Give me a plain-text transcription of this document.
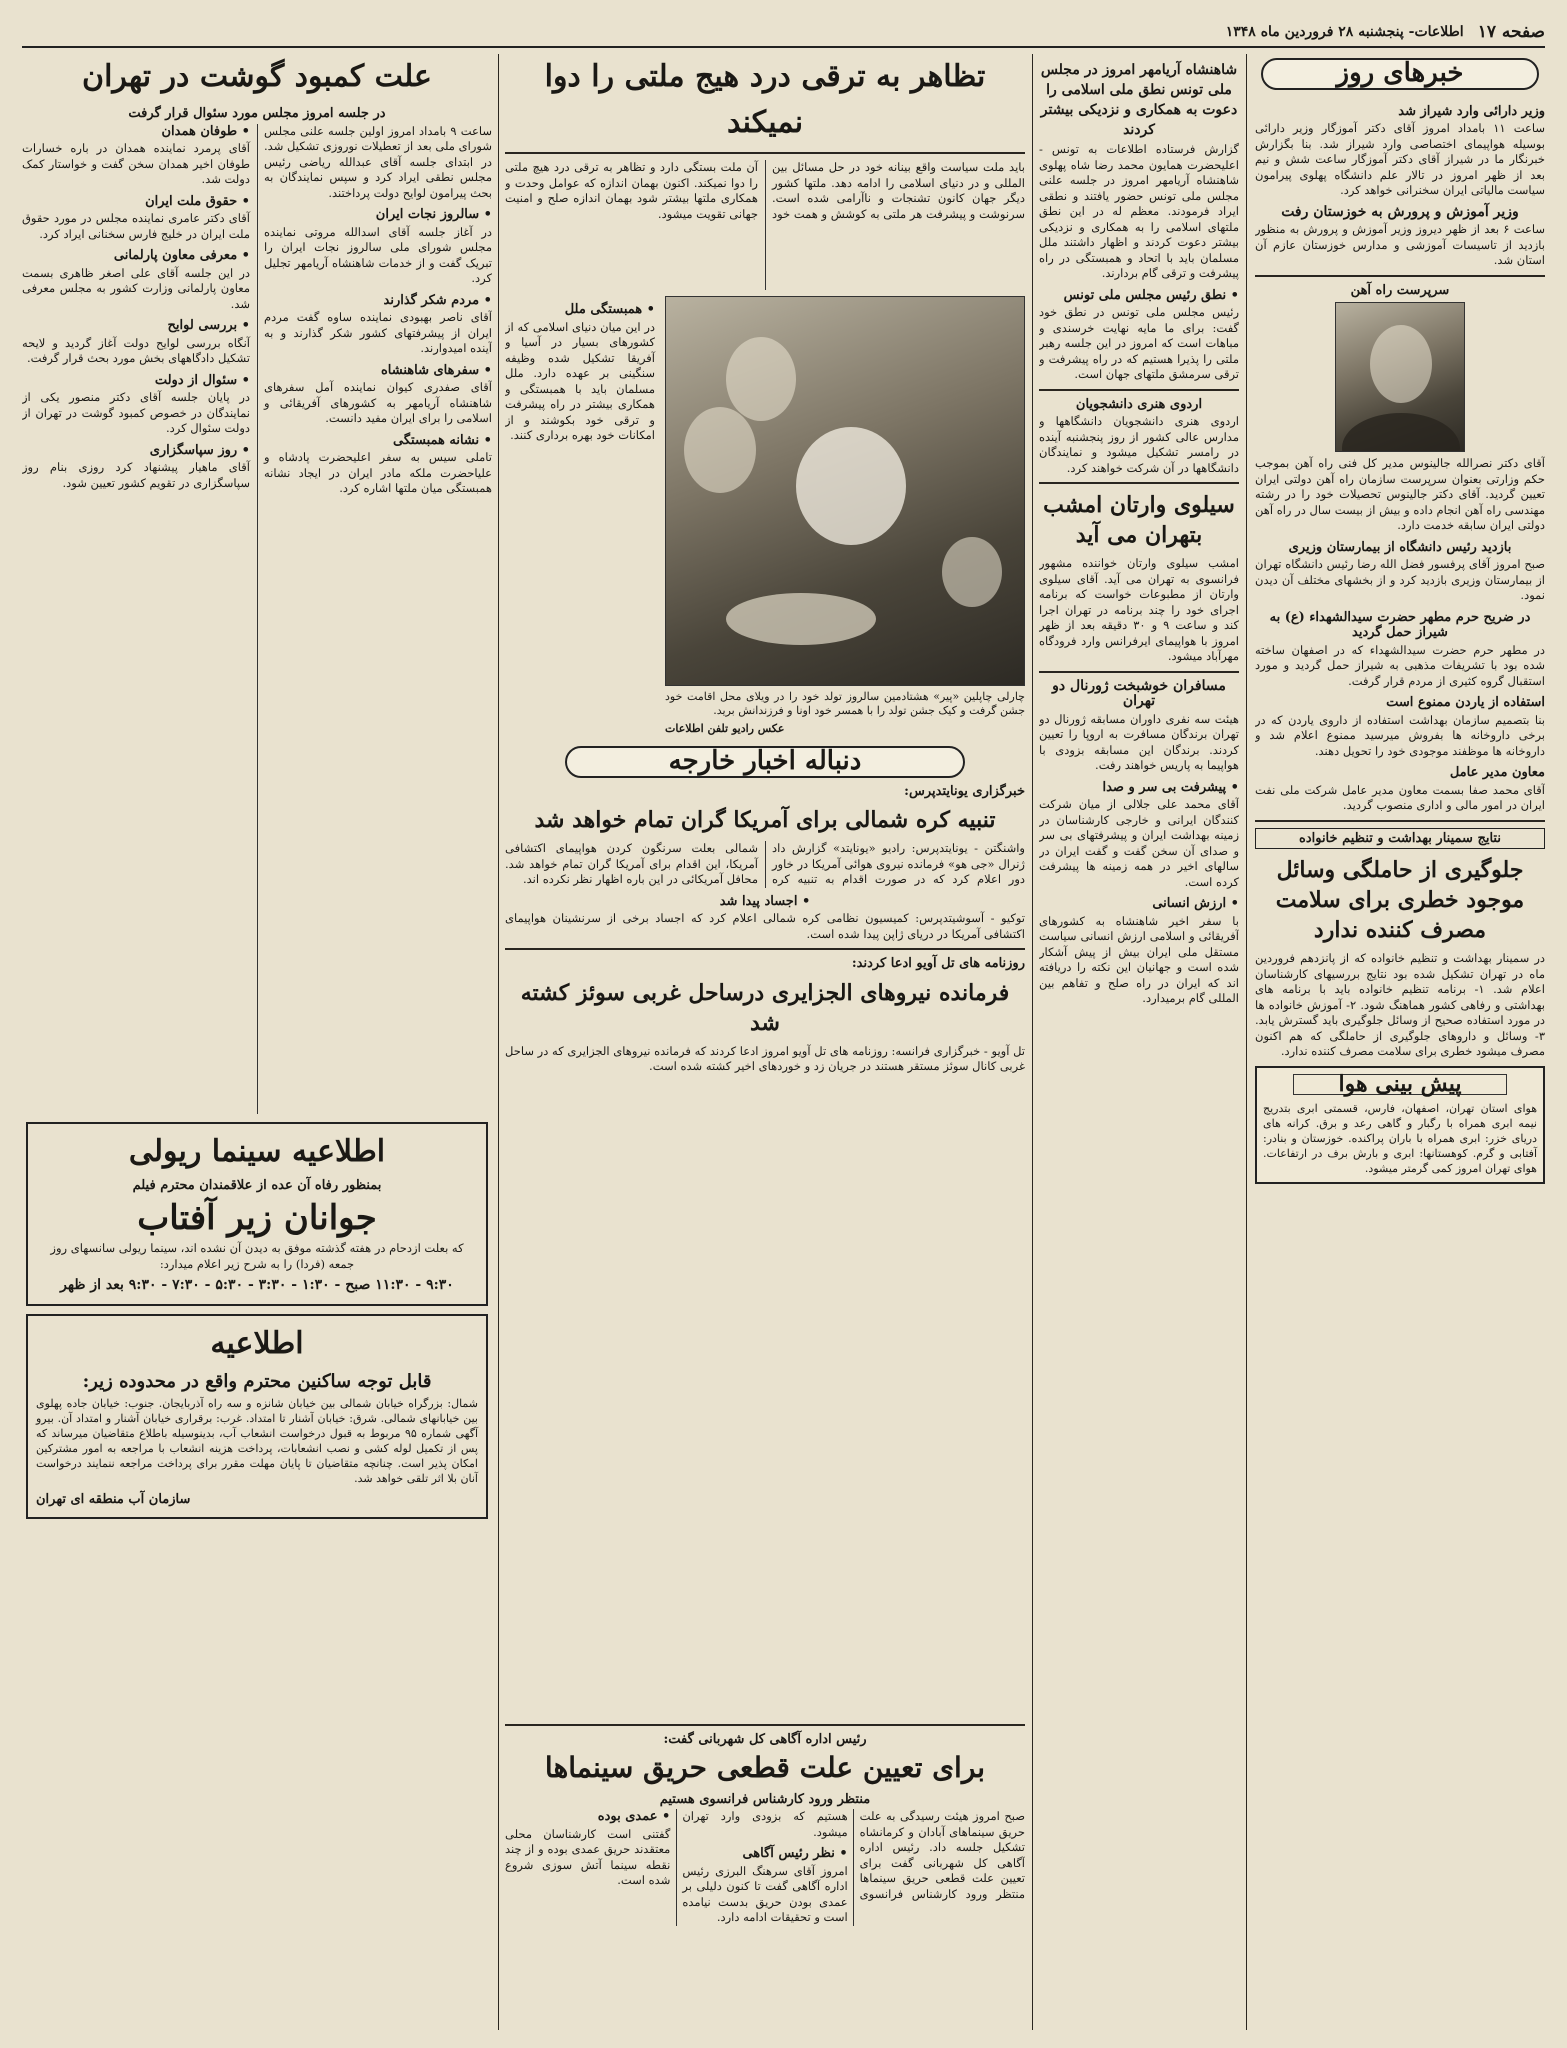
صفحه ۱۷
اطلاعات- پنجشنبه ۲۸ فروردین ماه ۱۳۴۸
خبرهای روز
وزیر دارائی وارد شیراز شد
ساعت ۱۱ بامداد امروز آقای دکتر آموزگار وزیر دارائی بوسیله هواپیمای اختصاصی وارد شیراز شد. بنا بگزارش خبرنگار ما در شیراز آقای دکتر آموزگار ساعت شش و نیم بعد از ظهر امروز در تالار علم دانشگاه پهلوی پیرامون سیاست مالیاتی ایران سخنرانی خواهد کرد.
وزیر آموزش و پرورش به خوزستان رفت
ساعت ۶ بعد از ظهر دیروز وزیر آموزش و پرورش به منظور بازدید از تاسیسات آموزشی و مدارس خوزستان عازم آن استان شد.
سرپرست راه آهن
آقای دکتر نصرالله جالینوس مدیر کل فنی راه آهن بموجب حکم وزارتی بعنوان سرپرست سازمان راه آهن دولتی ایران تعیین گردید. آقای دکتر جالینوس تحصیلات خود را در رشته مهندسی راه آهن انجام داده و بیش از بیست سال در راه آهن دولتی ایران سابقه خدمت دارد.
بازدید رئیس دانشگاه از بیمارستان وزیری
صبح امروز آقای پرفسور فضل الله رضا رئیس دانشگاه تهران از بیمارستان وزیری بازدید کرد و از بخشهای مختلف آن دیدن نمود.
در ضریح حرم مطهر حضرت سیدالشهداء (ع) به شیراز حمل گردید
در مطهر حرم حضرت سیدالشهداء که در اصفهان ساخته شده بود با تشریفات مذهبی به شیراز حمل گردید و مورد استقبال گروه کثیری از مردم قرار گرفت.
استفاده از یاردن ممنوع است
بنا بتصمیم سازمان بهداشت استفاده از داروی یاردن که در برخی داروخانه ها بفروش میرسید ممنوع اعلام شد و داروخانه ها موظفند موجودی خود را تحویل دهند.
معاون مدیر عامل
آقای محمد صفا بسمت معاون مدیر عامل شرکت ملی نفت ایران در امور مالی و اداری منصوب گردید.
نتایج سمینار بهداشت و تنظیم خانواده
جلوگیری از حاملگی وسائل موجود خطری برای سلامت مصرف کننده ندارد
در سمینار بهداشت و تنظیم خانواده که از پانزدهم فروردین ماه در تهران تشکیل شده بود نتایج بررسیهای کارشناسان اعلام شد. ۱- برنامه تنظیم خانواده باید با برنامه های بهداشتی و رفاهی کشور هماهنگ شود. ۲- آموزش خانواده ها در مورد استفاده صحیح از وسائل جلوگیری باید گسترش یابد. ۳- وسائل و داروهای جلوگیری از حاملگی که هم اکنون مصرف میشود خطری برای سلامت مصرف کننده ندارد.
پیش بینی هوا
هوای استان تهران، اصفهان، فارس، قسمتی ابری بتدریج نیمه ابری همراه با رگبار و گاهی رعد و برق. کرانه های دریای خزر: ابری همراه با باران پراکنده. خوزستان و بنادر: آفتابی و گرم. کوهستانها: ابری و بارش برف در ارتفاعات. هوای تهران امروز کمی گرمتر میشود.
شاهنشاه آریامهر امروز در مجلس ملی تونس نطق ملی اسلامی را دعوت به همکاری و نزدیکی بیشتر کردند
گزارش فرستاده اطلاعات به تونس - اعلیحضرت همایون محمد رضا شاه پهلوی شاهنشاه آریامهر امروز در جلسه علنی مجلس ملی تونس حضور یافتند و نطقی ایراد فرمودند. معظم له در این نطق ملتهای اسلامی را به همکاری و نزدیکی بیشتر دعوت کردند و اظهار داشتند ملل مسلمان باید با اتحاد و همبستگی در راه پیشرفت و ترقی گام بردارند.
• نطق رئیس مجلس ملی تونس
رئیس مجلس ملی تونس در نطق خود گفت: برای ما مایه نهایت خرسندی و مباهات است که امروز در این جلسه رهبر ملتی را پذیرا هستیم که در راه پیشرفت و ترقی سرمشق ملتهای جهان است.
اردوی هنری دانشجویان
اردوی هنری دانشجویان دانشگاهها و مدارس عالی کشور از روز پنجشنبه آینده در رامسر تشکیل میشود و نمایندگان دانشگاهها در آن شرکت خواهند کرد.
سیلوی وارتان امشب بتهران می آید
امشب سیلوی وارتان خواننده مشهور فرانسوی به تهران می آید. آقای سیلوی وارتان از مطبوعات خواست که برنامه اجرای خود را چند برنامه در تهران اجرا کند و ساعت ۹ و ۳۰ دقیقه بعد از ظهر امروز با هواپیمای ایرفرانس وارد فرودگاه مهرآباد میشود.
مسافران خوشبخت ژورنال دو تهران
هیئت سه نفری داوران مسابقه ژورنال دو تهران برندگان مسافرت به اروپا را تعیین کردند. برندگان این مسابقه بزودی با هواپیما به پاریس خواهند رفت.
• پیشرفت بی سر و صدا
آقای محمد علی جلالی از میان شرکت کنندگان ایرانی و خارجی کارشناسان در زمینه بهداشت ایران و پیشرفتهای بی سر و صدای آن سخن گفت و گفت ایران در سالهای اخیر در همه زمینه ها پیشرفت کرده است.
• ارزش انسانی
با سفر اخیر شاهنشاه به کشورهای آفریقائی و اسلامی ارزش انسانی سیاست مستقل ملی ایران بیش از پیش آشکار شده است و جهانیان این نکته را دریافته اند که ایران در راه صلح و تفاهم بین المللی گام برمیدارد.
تظاهر به ترقی درد هیج ملتی را دوا نمیکند
باید ملت سیاست واقع بینانه خود در حل مسائل بین المللی و در دنیای اسلامی را ادامه دهد. ملتها کشور دیگر جهان کانون تشنجات و ناآرامی شده است. سرنوشت و پیشرفت هر ملتی به کوشش و همت خود آن ملت بستگی دارد و تظاهر به ترقی درد هیچ ملتی را دوا نمیکند. اکنون بهمان اندازه که عوامل وحدت و همکاری ملتها بیشتر شود بهمان اندازه صلح و امنیت جهانی تقویت میشود.
چارلی چاپلین «پیر» هشتادمین سالروز تولد خود را در ویلای محل اقامت خود جشن گرفت و کیک جشن تولد را با همسر خود اونا و فرزندانش برید.
عکس رادیو تلفن اطلاعات
• همبستگی ملل
در این میان دنیای اسلامی که از کشورهای بسیار در آسیا و آفریقا تشکیل شده وظیفه سنگینی بر عهده دارد. ملل مسلمان باید با همبستگی و همکاری بیشتر در راه پیشرفت و ترقی خود بکوشند و از امکانات خود بهره برداری کنند.
دنباله اخبار خارجه
خبرگزاری یونایتدپرس:
تنبیه کره شمالی برای آمریکا گران تمام خواهد شد
واشنگتن - یونایتدپرس: رادیو «یونایتد» گزارش داد ژنرال «جی هو» فرمانده نیروی هوائی آمریکا در خاور دور اعلام کرد که در صورت اقدام به تنبیه کره شمالی بعلت سرنگون کردن هواپیمای اکتشافی آمریکا، این اقدام برای آمریکا گران تمام خواهد شد. محافل آمریکائی در این باره اظهار نظر نکرده اند.
• اجساد پیدا شد
توکیو - آسوشیتدپرس: کمیسیون نظامی کره شمالی اعلام کرد که اجساد برخی از سرنشینان هواپیمای اکتشافی آمریکا در دریای ژاپن پیدا شده است.
روزنامه های تل آویو ادعا کردند:
فرمانده نیروهای الجزایری درساحل غربی سوئز کشته شد
تل آویو - خبرگزاری فرانسه: روزنامه های تل آویو امروز ادعا کردند که فرمانده نیروهای الجزایری که در ساحل غربی کانال سوئز مستقر هستند در جریان زد و خوردهای اخیر کشته شده است.
رئیس اداره آگاهی کل شهربانی گفت:
برای تعیین علت قطعی حریق سینماها
منتظر ورود کارشناس فرانسوی هستیم
صبح امروز هیئت رسیدگی به علت حریق سینماهای آبادان و کرمانشاه تشکیل جلسه داد. رئیس اداره آگاهی کل شهربانی گفت برای تعیین علت قطعی حریق سینماها منتظر ورود کارشناس فرانسوی هستیم که بزودی وارد تهران میشود.
• نظر رئیس آگاهی
امروز آقای سرهنگ البرزی رئیس اداره آگاهی گفت تا کنون دلیلی بر عمدی بودن حریق بدست نیامده است و تحقیقات ادامه دارد.
• عمدی بوده
گفتنی است کارشناسان محلی معتقدند حریق عمدی بوده و از چند نقطه سینما آتش سوزی شروع شده است.
علت کمبود گوشت در تهران
در جلسه امروز مجلس مورد سئوال قرار گرفت
ساعت ۹ بامداد امروز اولین جلسه علنی مجلس شورای ملی بعد از تعطیلات نوروزی تشکیل شد. در ابتدای جلسه آقای عبدالله ریاضی رئیس مجلس نطقی ایراد کرد و سپس نمایندگان به بحث پیرامون لوایح دولت پرداختند.
• سالروز نجات ایران
در آغاز جلسه آقای اسدالله مروتی نماینده مجلس شورای ملی سالروز نجات ایران را تبریک گفت و از خدمات شاهنشاه آریامهر تجلیل کرد.
• مردم شکر گذارند
آقای ناصر بهبودی نماینده ساوه گفت مردم ایران از پیشرفتهای کشور شکر گذارند و به آینده امیدوارند.
• سفرهای شاهنشاه
آقای صفدری کیوان نماینده آمل سفرهای شاهنشاه آریامهر به کشورهای آفریقائی و اسلامی را برای ایران مفید دانست.
• نشانه همبستگی
تاملی سیس به سفر اعلیحضرت پادشاه و علیاحضرت ملکه مادر ایران در ایجاد نشانه همبستگی میان ملتها اشاره کرد.
• طوفان همدان
آقای پرمرد نماینده همدان در باره خسارات طوفان اخیر همدان سخن گفت و خواستار کمک دولت شد.
• حقوق ملت ایران
آقای دکتر عامری نماینده مجلس در مورد حقوق ملت ایران در خلیج فارس سخنانی ایراد کرد.
• معرفی معاون پارلمانی
در این جلسه آقای علی اصغر ظاهری بسمت معاون پارلمانی وزارت کشور به مجلس معرفی شد.
• بررسی لوایح
آنگاه بررسی لوایح دولت آغاز گردید و لایحه تشکیل دادگاههای بخش مورد بحث قرار گرفت.
• سئوال از دولت
در پایان جلسه آقای دکتر منصور یکی از نمایندگان در خصوص کمبود گوشت در تهران از دولت سئوال کرد.
• روز سپاسگزاری
آقای ماهیار پیشنهاد کرد روزی بنام روز سپاسگزاری در تقویم کشور تعیین شود.
اطلاعیه سینما ریولی
بمنظور رفاه آن عده از علاقمندان محترم فیلم
جوانان زیر آفتاب
که بعلت ازدحام در هفته گذشته موفق به دیدن آن نشده اند، سینما ریولی سانسهای روز جمعه (فردا) را به شرح زیر اعلام میدارد:
۹:۳۰ - ۱۱:۳۰ صبح - ۱:۳۰ - ۳:۳۰ - ۵:۳۰ - ۷:۳۰ - ۹:۳۰ بعد از ظهر
اطلاعیه
قابل توجه ساکنین محترم واقع در محدوده زیر:
شمال: بزرگراه خیابان شمالی بین خیابان شانزه و سه راه آذربایجان. جنوب: خیابان جاده پهلوی بین خیابانهای شمالی. شرق: خیابان آشنار تا امتداد. غرب: برقراری خیابان آشنار و امتداد آن. بیرو آگهی شماره ۹۵ مربوط به قبول درخواست انشعاب آب، بدینوسیله باطلاع متقاضیان میرساند که پس از تکمیل لوله کشی و نصب انشعابات، پرداخت هزینه انشعاب با مراجعه به امور مشترکین امکان پذیر است. چنانچه متقاضیان تا پایان مهلت مقرر برای پرداخت مراجعه ننمایند درخواست آنان بلا اثر تلقی خواهد شد.
سازمان آب منطقه ای تهران
